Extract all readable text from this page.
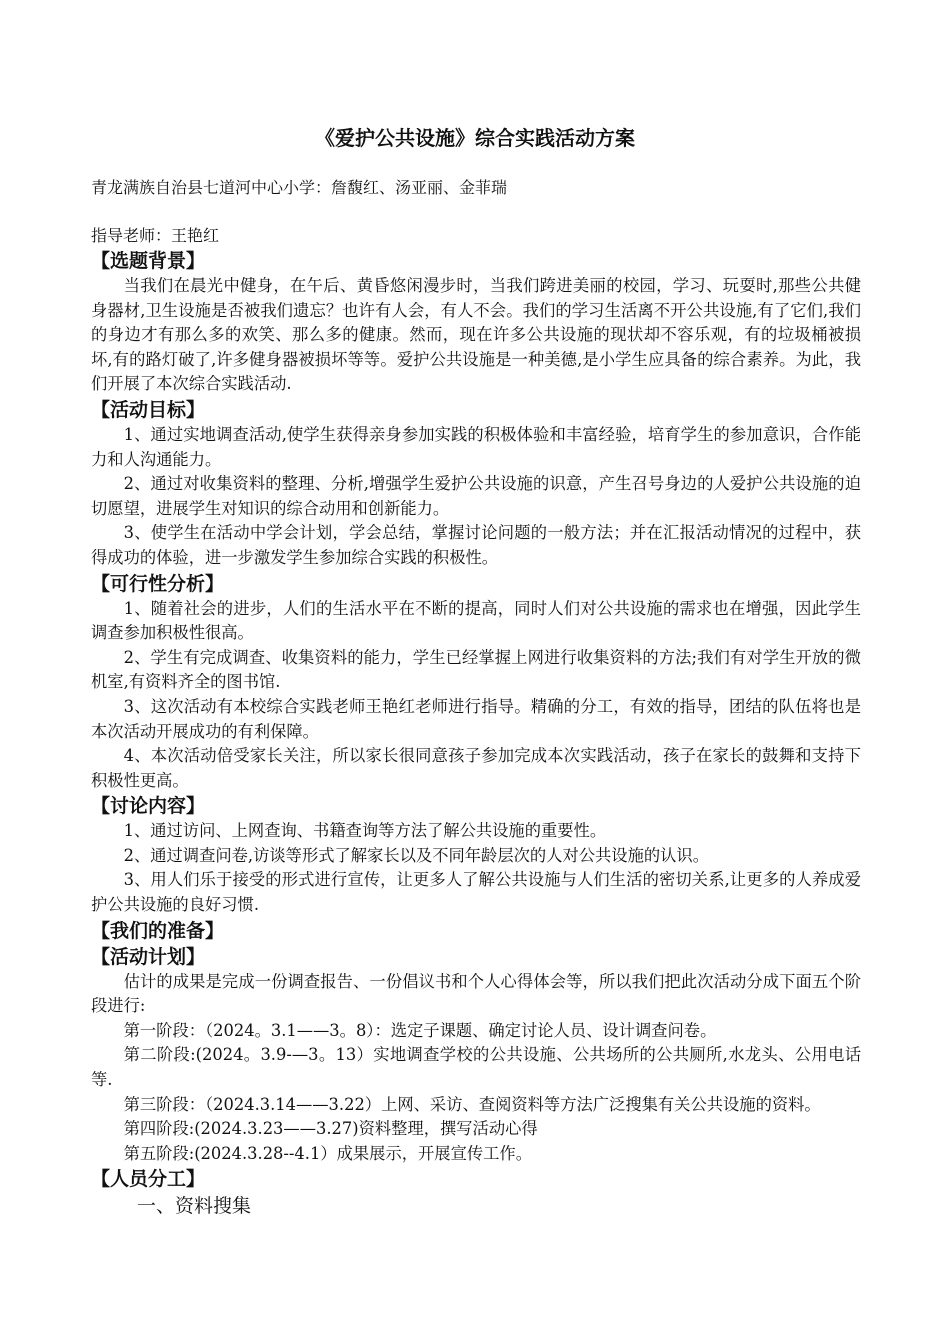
《爱护公共设施》综合实践活动方案
青龙满族自治县七道河中心小学：詹馥红、汤亚丽、金菲瑞
指导老师：王艳红
【选题背景】

当我们在晨光中健身，在午后、黄昏悠闲漫步时，当我们跨进美丽的校园，学习、玩耍时,那些公共健身器材,卫生设施是否被我们遗忘？也许有人会，有人不会。我们的学习生活离不开公共设施,有了它们,我们的身边才有那么多的欢笑、那么多的健康。然而，现在许多公共设施的现状却不容乐观，有的垃圾桶被损坏,有的路灯破了,许多健身器被损坏等等。爱护公共设施是一种美德,是小学生应具备的综合素养。为此，我们开展了本次综合实践活动.

【活动目标】

1、通过实地调查活动,使学生获得亲身参加实践的积极体验和丰富经验，培育学生的参加意识，合作能力和人沟通能力。

2、通过对收集资料的整理、分析,增强学生爱护公共设施的识意，产生召号身边的人爱护公共设施的迫切愿望，进展学生对知识的综合动用和创新能力。

3、使学生在活动中学会计划，学会总结，掌握讨论问题的一般方法；并在汇报活动情况的过程中，获得成功的体验，进一步激发学生参加综合实践的积极性。

【可行性分析】

1、随着社会的进步，人们的生活水平在不断的提高，同时人们对公共设施的需求也在增强，因此学生调查参加积极性很高。

2、学生有完成调查、收集资料的能力，学生已经掌握上网进行收集资料的方法;我们有对学生开放的微机室,有资料齐全的图书馆.

3、这次活动有本校综合实践老师王艳红老师进行指导。精确的分工，有效的指导，团结的队伍将也是本次活动开展成功的有利保障。

4、本次活动倍受家长关注，所以家长很同意孩子参加完成本次实践活动，孩子在家长的鼓舞和支持下积极性更高。

【讨论内容】

1、通过访问、上网查询、书籍查询等方法了解公共设施的重要性。

2、通过调查问卷,访谈等形式了解家长以及不同年龄层次的人对公共设施的认识。

3、用人们乐于接受的形式进行宣传，让更多人了解公共设施与人们生活的密切关系,让更多的人养成爱护公共设施的良好习惯.

【我们的准备】
【活动计划】

估计的成果是完成一份调查报告、一份倡议书和个人心得体会等，所以我们把此次活动分成下面五个阶段进行:

第一阶段：（2024。3.1——3。8）：选定子课题、确定讨论人员、设计调查问卷。

第二阶段:(2024。3.9-—3。13）实地调查学校的公共设施、公共场所的公共厕所,水龙头、公用电话等.

第三阶段：（2024.3.14——3.22）上网、采访、查阅资料等方法广泛搜集有关公共设施的资料。

第四阶段:(2024.3.23——3.27)资料整理，撰写活动心得

第五阶段:(2024.3.28--4.1）成果展示，开展宣传工作。

【人员分工】
一、资料搜集
